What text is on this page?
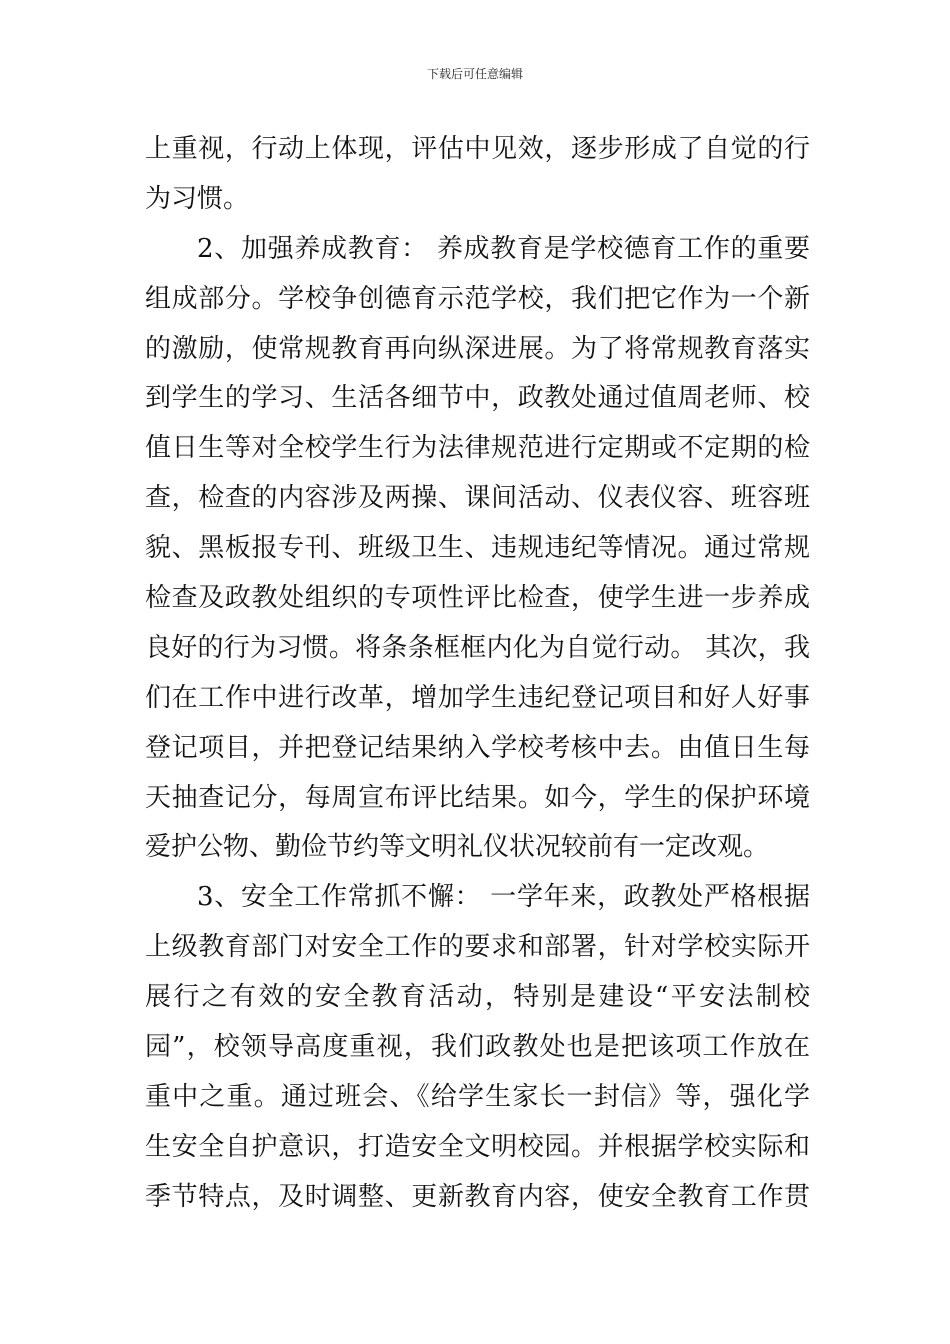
下载后可任意编辑
上重视，行动上体现，评估中见效，逐步形成了自觉的行
为习惯。
2、加强养成教育： 养成教育是学校德育工作的重要
组成部分。学校争创德育示范学校，我们把它作为一个新
的激励，使常规教育再向纵深进展。为了将常规教育落实
到学生的学习、生活各细节中，政教处通过值周老师、校
值日生等对全校学生行为法律规范进行定期或不定期的检
查，检查的内容涉及两操、课间活动、仪表仪容、班容班
貌、黑板报专刊、班级卫生、违规违纪等情况。通过常规
检查及政教处组织的专项性评比检查，使学生进一步养成
良好的行为习惯。将条条框框内化为自觉行动。 其次，我
们在工作中进行改革，增加学生违纪登记项目和好人好事
登记项目，并把登记结果纳入学校考核中去。由值日生每
天抽查记分，每周宣布评比结果。如今，学生的保护环境
爱护公物、勤俭节约等文明礼仪状况较前有一定改观。
3、安全工作常抓不懈： 一学年来，政教处严格根据
上级教育部门对安全工作的要求和部署，针对学校实际开
展行之有效的安全教育活动，特别是建设“平安法制校
园”，校领导高度重视，我们政教处也是把该项工作放在
重中之重。通过班会、《给学生家长一封信》等，强化学
生安全自护意识，打造安全文明校园。并根据学校实际和
季节特点，及时调整、更新教育内容，使安全教育工作贯
